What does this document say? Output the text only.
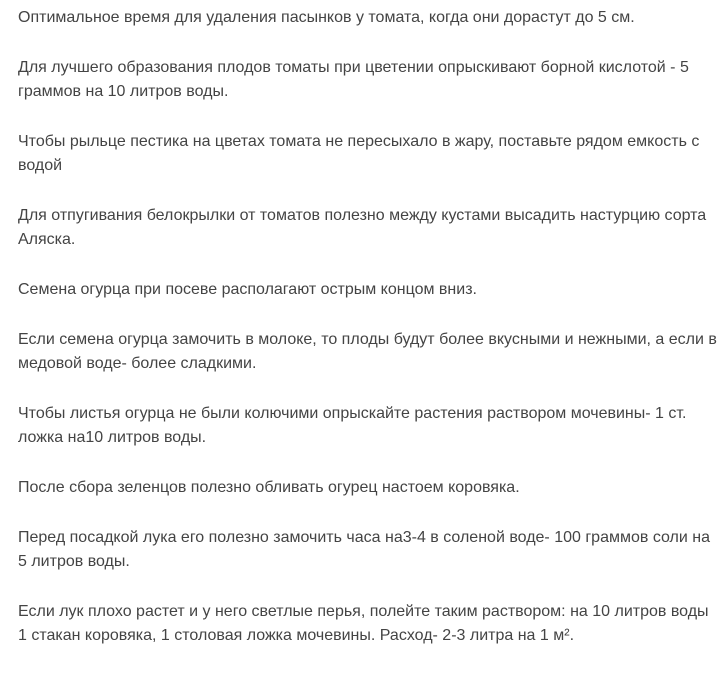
Оптимальное время для удаления пасынков у томата, когда они дорастут до 5 см.

Для лучшего образования плодов томаты при цветении опрыскивают борной кислотой - 5 граммов на 10 литров воды.

Чтобы рыльце пестика на цветах томата не пересыхало в жару, поставьте рядом емкость с водой

Для отпугивания белокрылки от томатов полезно между кустами высадить настурцию сорта Аляска.

Семена огурца при посеве располагают острым концом вниз.

Если семена огурца замочить в молоке, то плоды будут более вкусными и нежными, а если в медовой воде- более сладкими.

Чтобы листья огурца не были колючими опрыскайте растения раствором мочевины- 1 ст. ложка на10 литров воды.

После сбора зеленцов полезно обливать огурец настоем коровяка.

Перед посадкой лука его полезно замочить часа на3-4 в соленой воде- 100 граммов соли на 5 литров воды.

Если лук плохо растет и у него светлые перья, полейте таким раствором: на 10 литров воды 1 стакан коровяка, 1 столовая ложка мочевины. Расход- 2-3 литра на 1 м².
